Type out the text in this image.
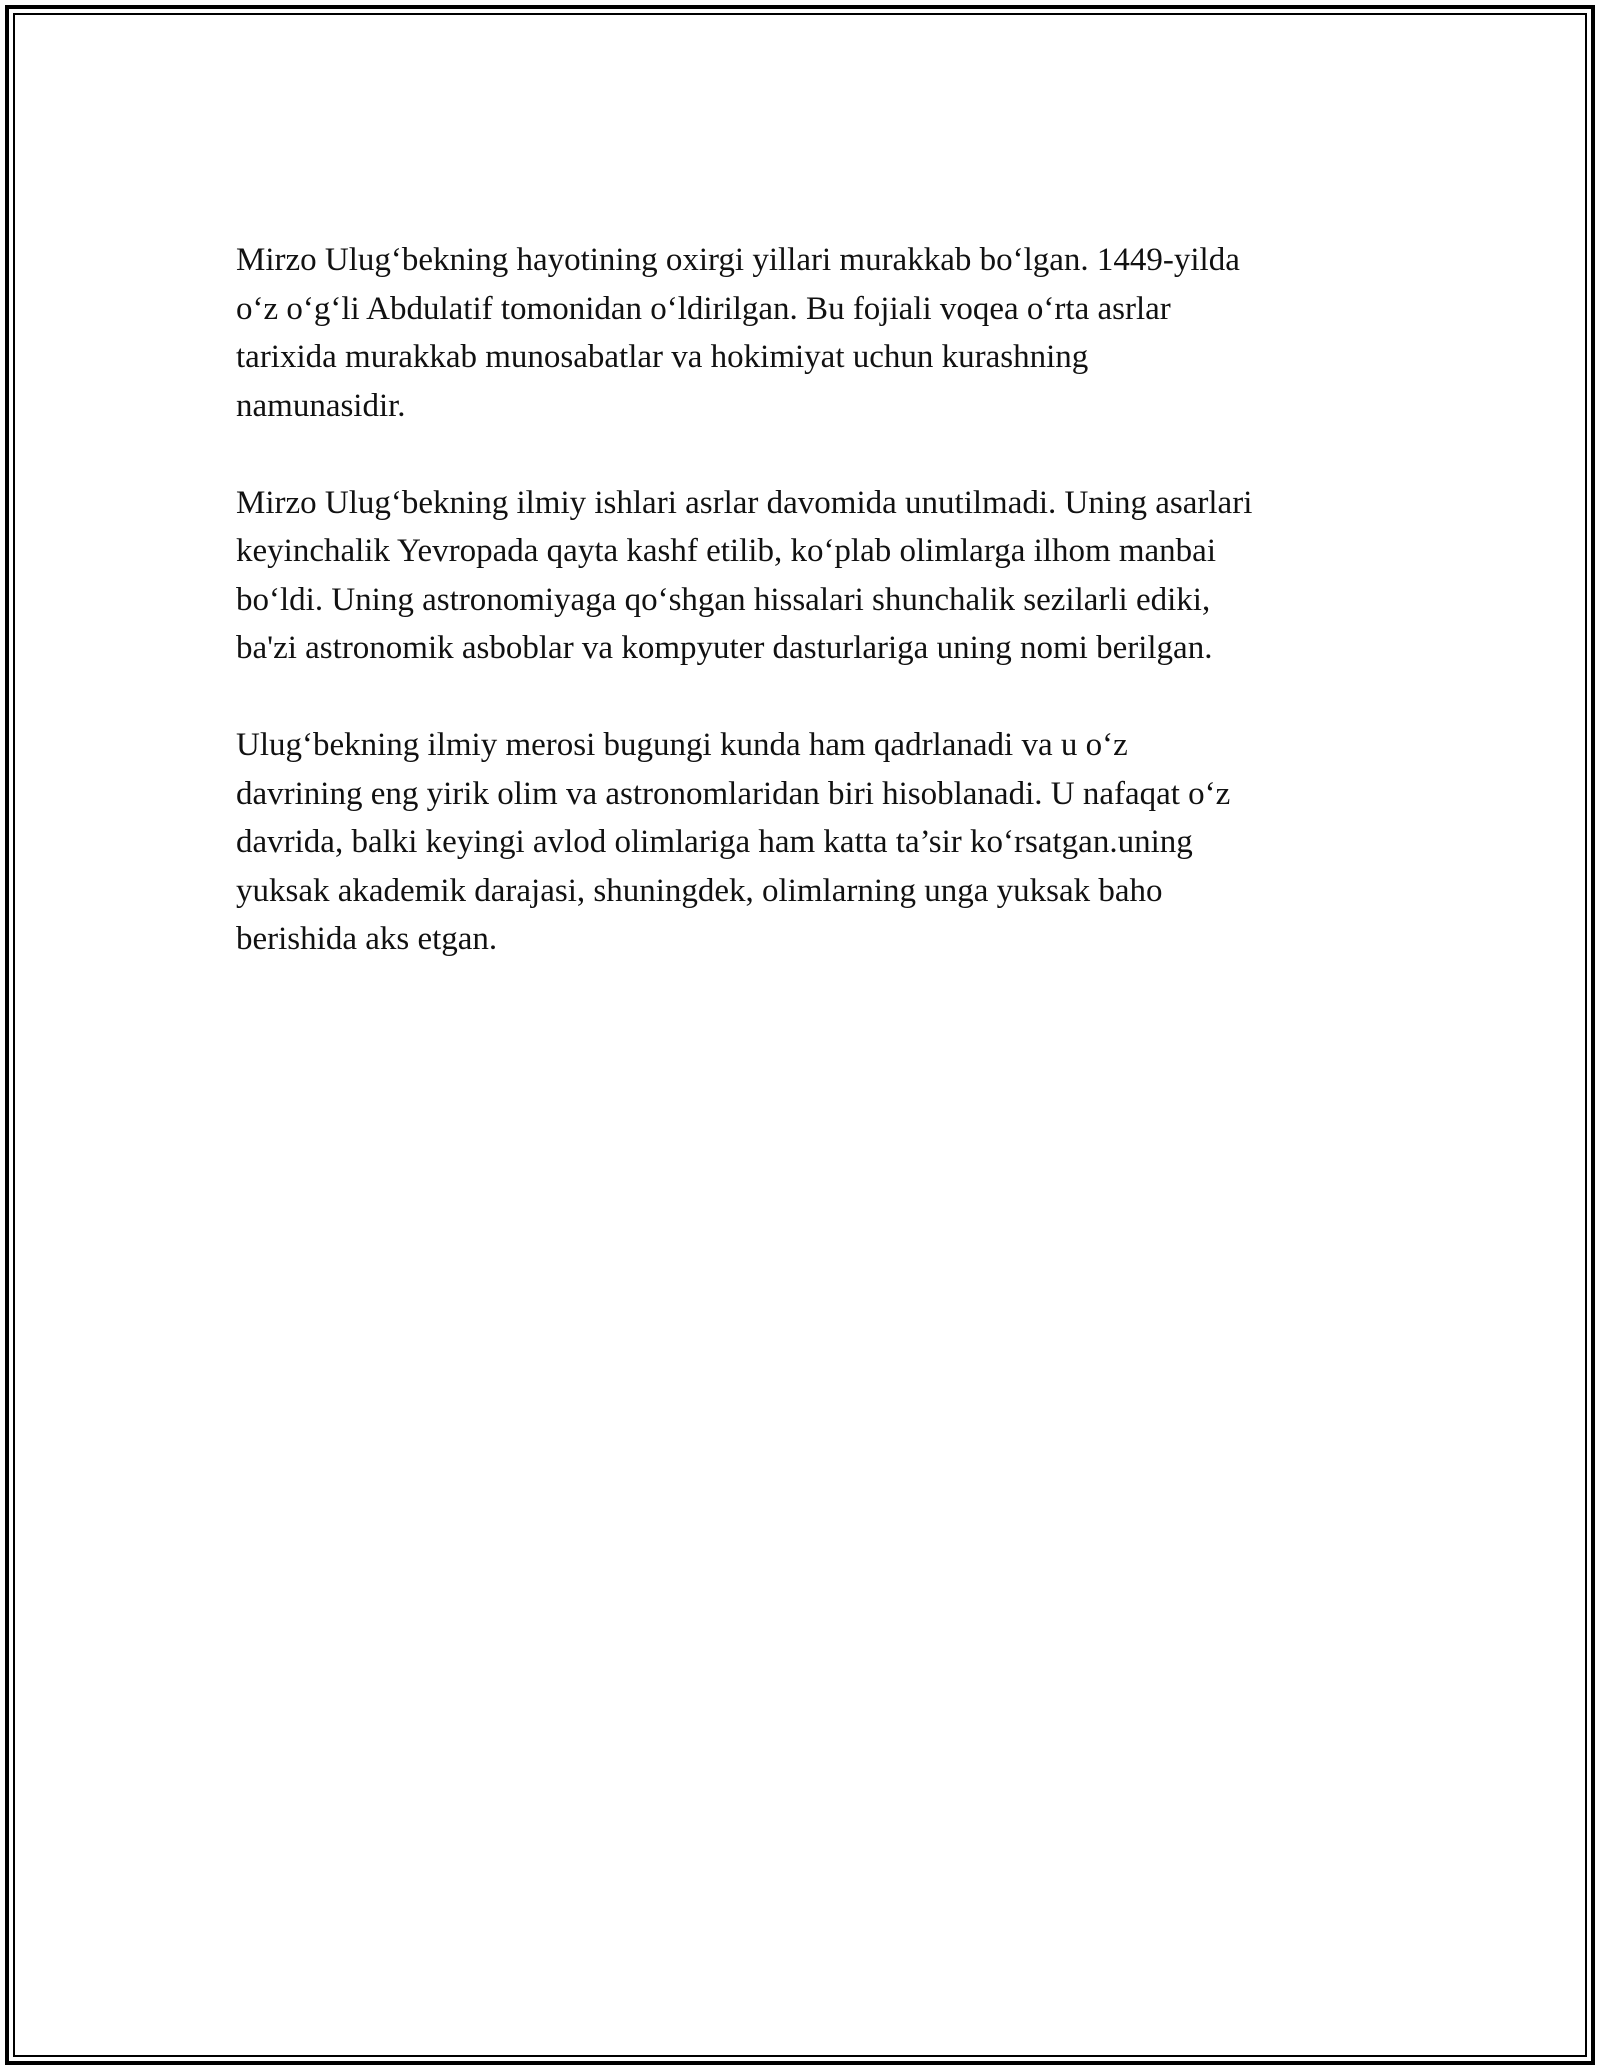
Mirzo Ulug‘bekning hayotining oxirgi yillari murakkab bo‘lgan. 1449-yilda
o‘z o‘g‘li Abdulatif tomonidan o‘ldirilgan. Bu fojiali voqea o‘rta asrlar
tarixida murakkab munosabatlar va hokimiyat uchun kurashning
namunasidir.

Mirzo Ulug‘bekning ilmiy ishlari asrlar davomida unutilmadi. Uning asarlari
keyinchalik Yevropada qayta kashf etilib, ko‘plab olimlarga ilhom manbai
bo‘ldi. Uning astronomiyaga qo‘shgan hissalari shunchalik sezilarli ediki,
ba'zi astronomik asboblar va kompyuter dasturlariga uning nomi berilgan.

Ulug‘bekning ilmiy merosi bugungi kunda ham qadrlanadi va u o‘z
davrining eng yirik olim va astronomlaridan biri hisoblanadi. U nafaqat o‘z
davrida, balki keyingi avlod olimlariga ham katta ta’sir ko‘rsatgan.uning
yuksak akademik darajasi, shuningdek, olimlarning unga yuksak baho
berishida aks etgan.
